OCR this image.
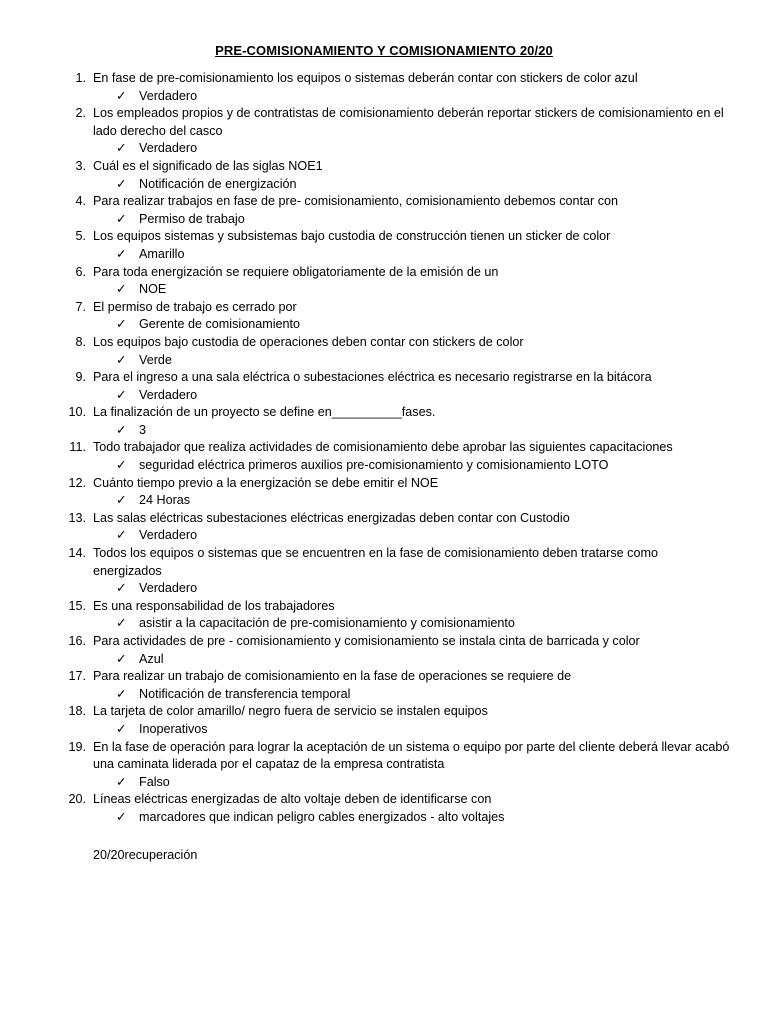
PRE-COMISIONAMIENTO Y COMISIONAMIENTO 20/20
1. En fase de pre-comisionamiento los equipos o sistemas deberán contar con stickers de color azul
✓ Verdadero
2. Los empleados propios y de contratistas de comisionamiento deberán reportar stickers de comisionamiento en el lado derecho del casco
✓ Verdadero
3. Cuál es el significado de las siglas NOE1
✓ Notificación de energización
4. Para realizar trabajos en fase de pre- comisionamiento, comisionamiento debemos contar con
✓ Permiso de trabajo
5. Los equipos sistemas y subsistemas bajo custodia de construcción tienen un sticker de color
✓ Amarillo
6. Para toda energización se requiere obligatoriamente de la emisión de un
✓ NOE
7. El permiso de trabajo es cerrado por
✓ Gerente de comisionamiento
8. Los equipos bajo custodia de operaciones deben contar con stickers de color
✓ Verde
9. Para el ingreso a una sala eléctrica o subestaciones eléctrica es necesario registrarse en la bitácora
✓ Verdadero
10. La finalización de un proyecto se define en__________fases.
✓ 3
11. Todo trabajador que realiza actividades de comisionamiento debe aprobar las siguientes capacitaciones
✓ seguridad eléctrica primeros auxilios pre-comisionamiento y comisionamiento LOTO
12. Cuánto tiempo previo a la energización se debe emitir el NOE
✓ 24 Horas
13. Las salas eléctricas subestaciones eléctricas energizadas deben contar con Custodio
✓ Verdadero
14. Todos los equipos o sistemas que se encuentren en la fase de comisionamiento deben tratarse como energizados
✓ Verdadero
15. Es una responsabilidad de los trabajadores
✓ asistir a la capacitación de pre-comisionamiento y comisionamiento
16. Para actividades de pre - comisionamiento y comisionamiento se instala cinta de barricada y color
✓ Azul
17. Para realizar un trabajo de comisionamiento en la fase de operaciones se requiere de
✓ Notificación de transferencia temporal
18. La tarjeta de color amarillo/ negro fuera de servicio se instalen equipos
✓ Inoperativos
19. En la fase de operación para lograr la aceptación de un sistema o equipo por parte del cliente deberá llevar acabó una caminata liderada por el capataz de la empresa contratista
✓ Falso
20. Líneas eléctricas energizadas de alto voltaje deben de identificarse con
✓ marcadores que indican peligro cables energizados - alto voltajes
20/20recuperación
